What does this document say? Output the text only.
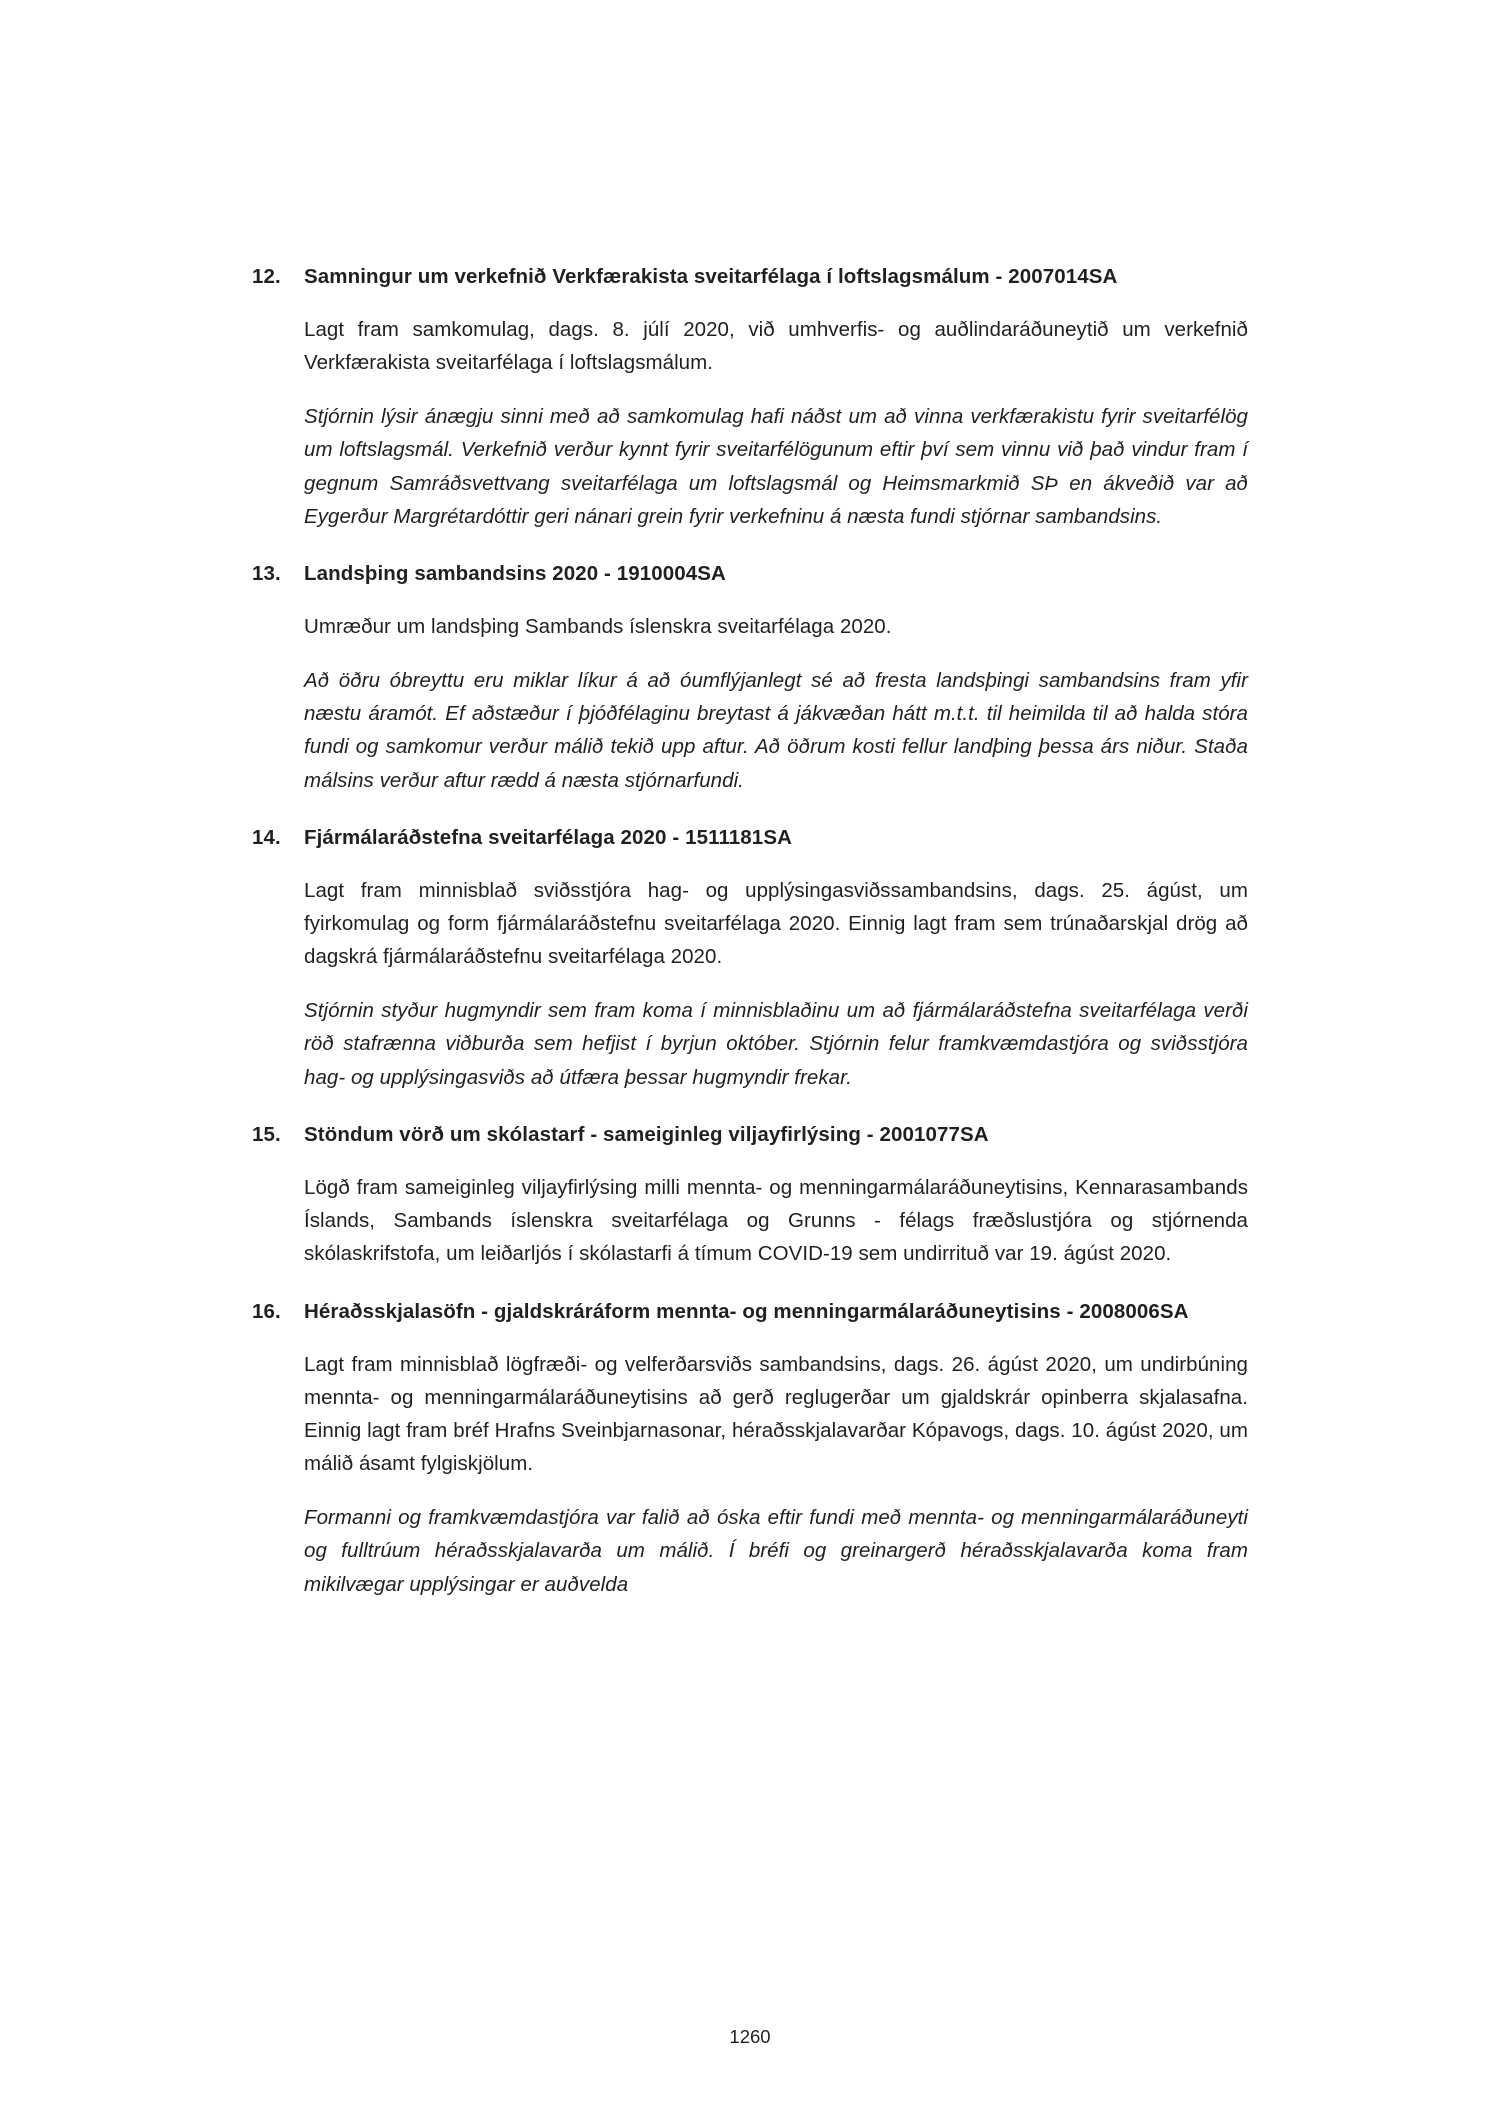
12.	Samningur um verkefnið Verkfærakista sveitarfélaga í loftslagsmálum - 2007014SA

Lagt fram samkomulag, dags. 8. júlí 2020, við umhverfis- og auðlindaráðuneytið um verkefnið Verkfærakista sveitarfélaga í loftslagsmálum.

Stjórnin lýsir ánægju sinni með að samkomulag hafi náðst um að vinna verkfærakistu fyrir sveitarfélög um loftslagsmál. Verkefnið verður kynnt fyrir sveitarfélögunum eftir því sem vinnu við það vindur fram í gegnum Samráðsvettvang sveitarfélaga um loftslagsmál og Heimsmarkmið SÞ en ákveðið var að Eygerður Margrétardóttir geri nánari grein fyrir verkefninu á næsta fundi stjórnar sambandsins.

13.	Landsþing sambandsins 2020 - 1910004SA

Umræður um landsþing Sambands íslenskra sveitarfélaga 2020.

Að öðru óbreyttu eru miklar líkur á að óumflýjanlegt sé að fresta landsþingi sambandsins fram yfir næstu áramót. Ef aðstæður í þjóðfélaginu breytast á jákvæðan hátt m.t.t. til heimilda til að halda stóra fundi og samkomur verður málið tekið upp aftur. Að öðrum kosti fellur landþing þessa árs niður. Staða málsins verður aftur rædd á næsta stjórnarfundi.

14.	Fjármálaráðstefna sveitarfélaga 2020 - 1511181SA

Lagt fram minnisblað sviðsstjóra hag- og upplýsingasviðssambandsins, dags. 25. ágúst, um fyirkomulag og form fjármálaráðstefnu sveitarfélaga 2020. Einnig lagt fram sem trúnaðarskjal drög að dagskrá fjármálaráðstefnu sveitarfélaga 2020.

Stjórnin styður hugmyndir sem fram koma í minnisblaðinu um að fjármálaráðstefna sveitarfélaga verði röð stafrænna viðburða sem hefjist í byrjun október. Stjórnin felur framkvæmdastjóra og sviðsstjóra hag- og upplýsingasviðs að útfæra þessar hugmyndir frekar.

15.	Stöndum vörð um skólastarf - sameiginleg viljayfirlýsing - 2001077SA

Lögð fram sameiginleg viljayfirlýsing milli mennta- og menningarmálaráðuneytisins, Kennarasambands Íslands, Sambands íslenskra sveitarfélaga og Grunns - félags fræðslustjóra og stjórnenda skólaskrifstofa, um leiðarljós í skólastarfi á tímum COVID-19 sem undirrituð var 19. ágúst 2020.

16.	Héraðsskjalasöfn - gjaldskráráform mennta- og menningarmálaráðuneytisins - 2008006SA

Lagt fram minnisblað lögfræði- og velferðarsviðs sambandsins, dags. 26. ágúst 2020, um undirbúning mennta- og menningarmálaráðuneytisins að gerð reglugerðar um gjaldskrár opinberra skjalasafna. Einnig lagt fram bréf Hrafns Sveinbjarnasonar, héraðsskjalavarðar Kópavogs, dags. 10. ágúst 2020, um málið ásamt fylgiskjölum.

Formanni og framkvæmdastjóra var falið að óska eftir fundi með mennta- og menningarmálaráðuneyti og fulltrúum héraðsskjalavarða um málið. Í bréfi og greinargerð héraðsskjalavarða koma fram mikilvægar upplýsingar er auðvelda

1260
